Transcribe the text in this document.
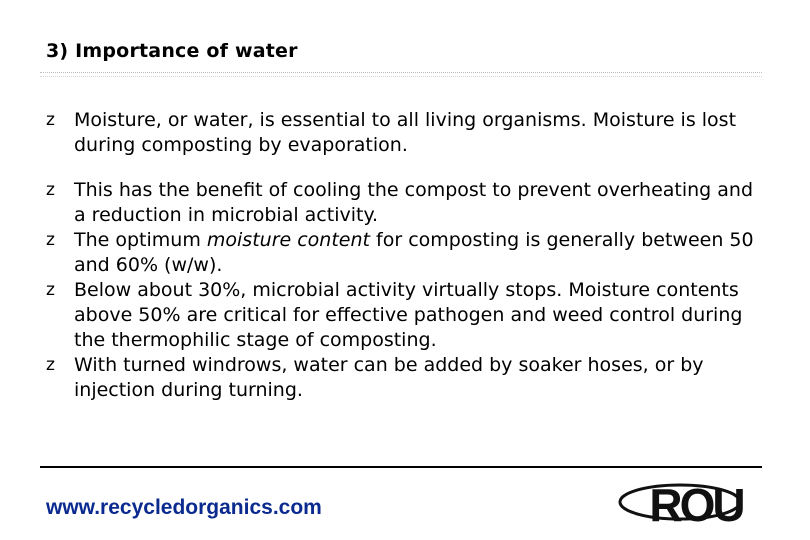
3) Importance of water
z	Moisture, or water, is essential to all living organisms. Moisture is lost during composting by evaporation.
z	This has the benefit of cooling the compost to prevent overheating and a reduction in microbial activity.
z	The optimum moisture content for composting is generally between 50 and 60% (w/w).
z	Below about 30%, microbial activity virtually stops. Moisture contents above 50% are critical for effective pathogen and weed control during the thermophilic stage of composting.
z	With turned windrows, water can be added by soaker hoses, or by injection during turning.
www.recycledorganics.com	ROU
